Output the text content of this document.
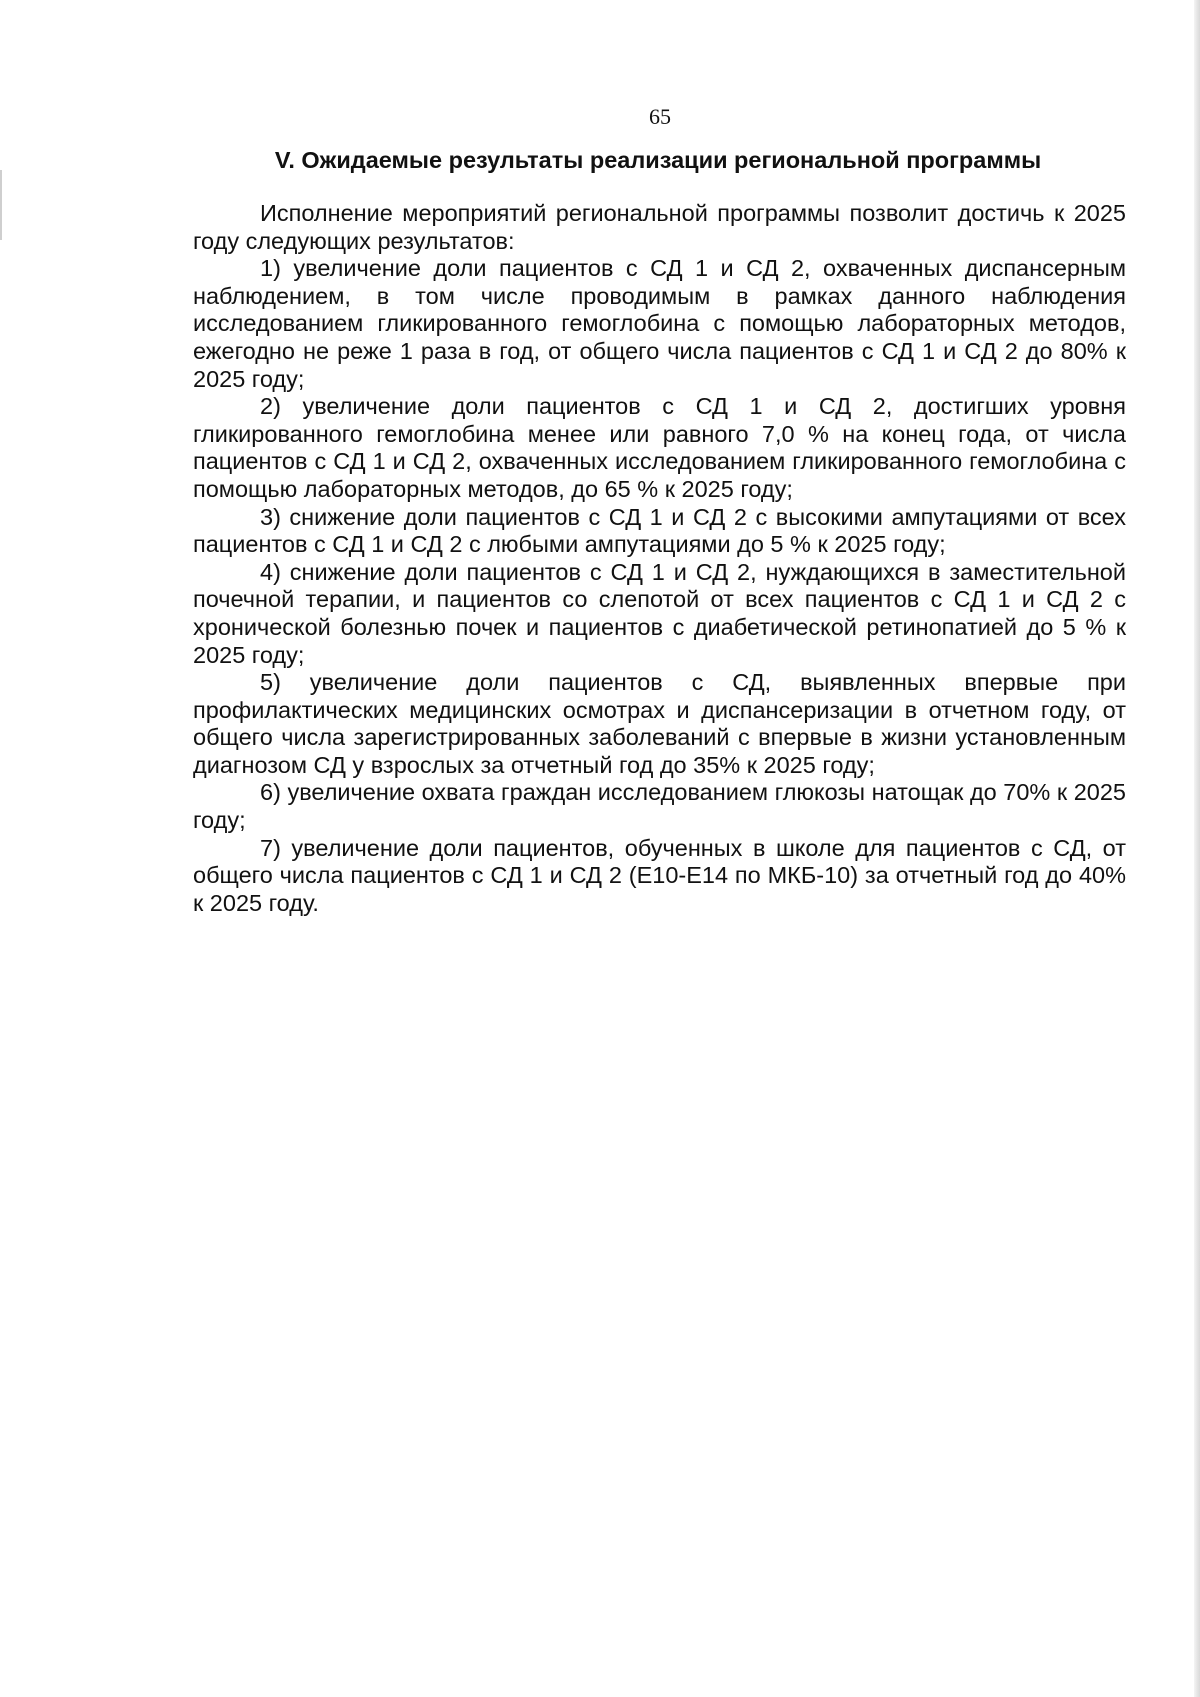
65
V. Ожидаемые результаты реализации региональной программы

Исполнение мероприятий региональной программы позволит достичь к 2025 году следующих результатов:

1) увеличение доли пациентов с СД 1 и СД 2, охваченных диспансерным наблюдением, в том числе проводимым в рамках данного наблюдения исследованием гликированного гемоглобина с помощью лабораторных методов, ежегодно не реже 1 раза в год, от общего числа пациентов с СД 1 и СД 2 до 80% к 2025 году;

2) увеличение доли пациентов с СД 1 и СД 2, достигших уровня гликированного гемоглобина менее или равного 7,0 % на конец года, от числа пациентов с СД 1 и СД 2, охваченных исследованием гликированного гемоглобина с помощью лабораторных методов, до 65 % к 2025 году;

3) снижение доли пациентов с СД 1 и СД 2 с высокими ампутациями от всех пациентов с СД 1 и СД 2 с любыми ампутациями до 5 % к 2025 году;

4) снижение доли пациентов с СД 1 и СД 2, нуждающихся в заместительной почечной терапии, и пациентов со слепотой от всех пациентов с СД 1 и СД 2 с хронической болезнью почек и пациентов с диабетической ретинопатией до 5 % к 2025 году;

5) увеличение доли пациентов с СД, выявленных впервые при профилактических медицинских осмотрах и диспансеризации в отчетном году, от общего числа зарегистрированных заболеваний с впервые в жизни установленным диагнозом СД у взрослых за отчетный год до 35% к 2025 году;

6) увеличение охвата граждан исследованием глюкозы натощак до 70% к 2025 году;

7) увеличение доли пациентов, обученных в школе для пациентов с СД, от общего числа пациентов с СД 1 и СД 2 (Е10-Е14 по МКБ-10) за отчетный год до 40% к 2025 году.
